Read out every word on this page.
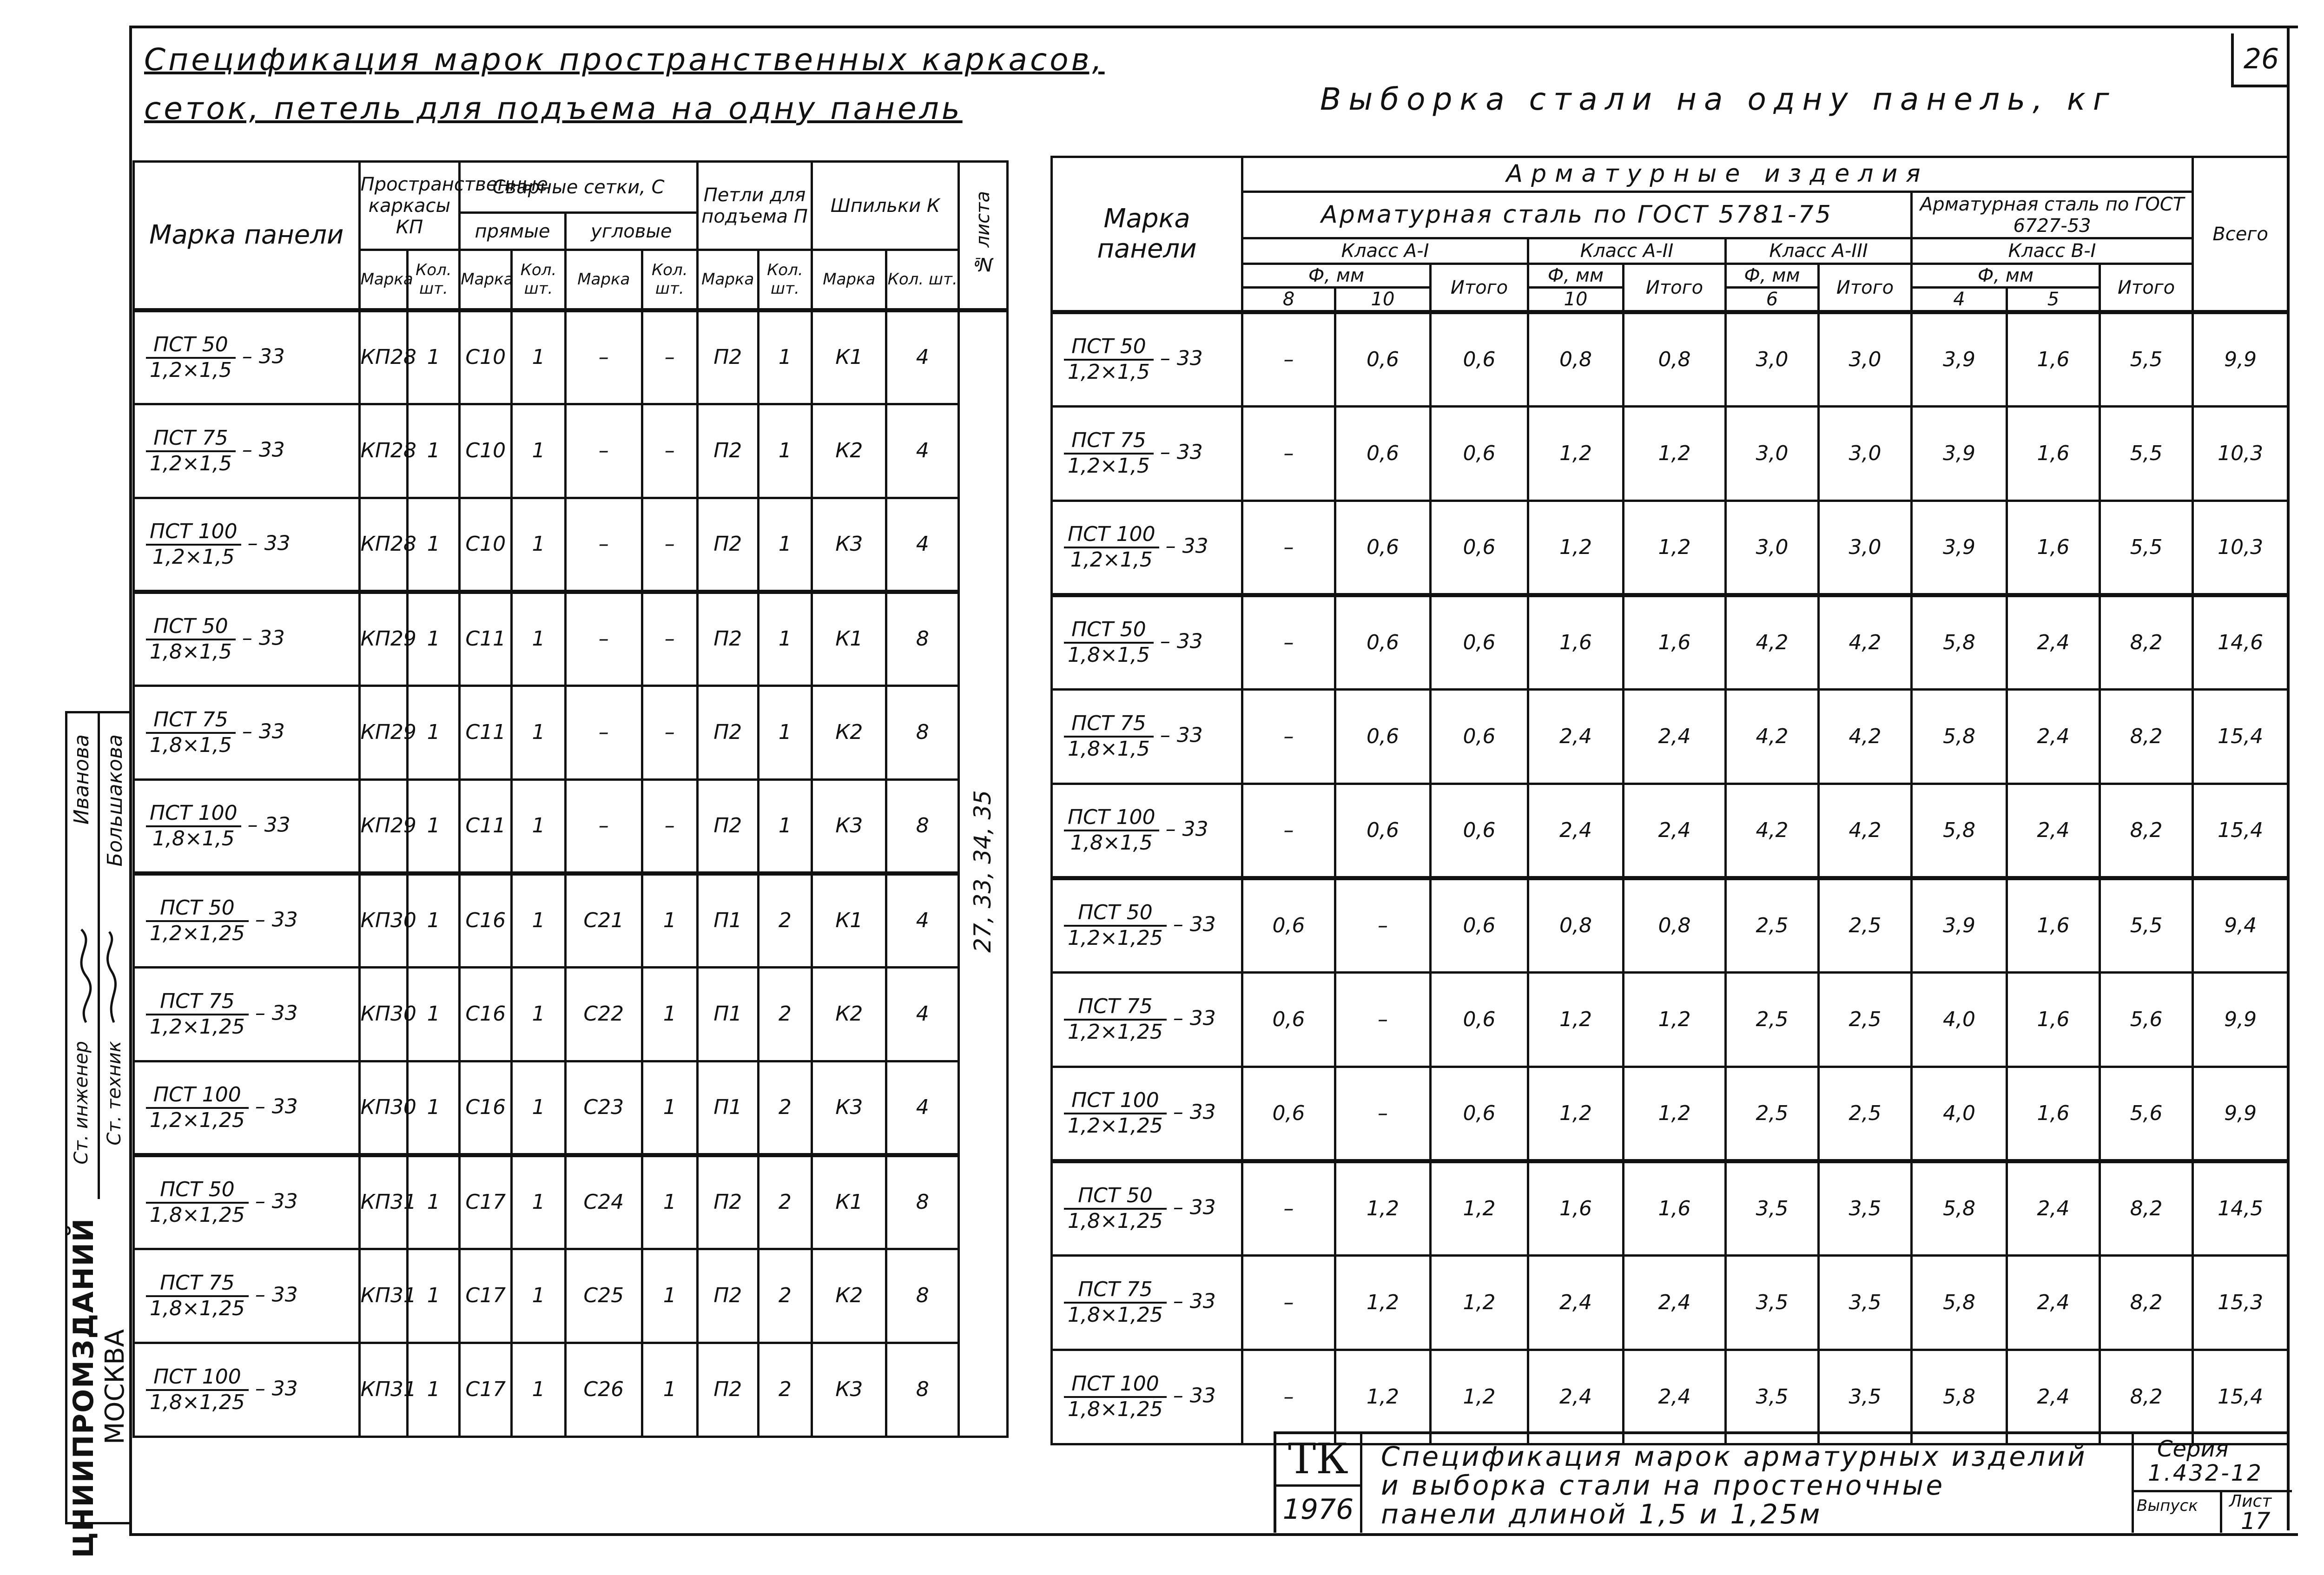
26
Спецификация марок пространственных каркасов,
сеток, петель для подъема на одну панель	Выборка стали на одну панель, кг
Марка панели	Пространственные каркасы КП		Сварные сетки, С				Петли для подъема П		Шпильки К		№ листа
			прямые		угловые						
	Марка	Кол. шт.	Марка	Кол. шт.	Марка	Кол. шт.	Марка	Кол. шт.	Марка	Кол. шт.	

$\frac{\text{ПСТ 50}}{1,2\times 1,5} - 33$	КП28	1	С10	1	–	–	П2	1	К1	4	27, 33, 34, 35

$\frac{\text{ПСТ 75}}{1,2\times 1,5} - 33$	КП28	1	С10	1	–	–	П2	1	К2	4	

$\frac{\text{ПСТ 100}}{1,2\times 1,5} - 33$	КП28	1	С10	1	–	–	П2	1	К3	4	

$\frac{\text{ПСТ 50}}{1,8\times 1,5} - 33$	КП29	1	С11	1	–	–	П2	1	К1	8	

$\frac{\text{ПСТ 75}}{1,8\times 1,5} - 33$	КП29	1	С11	1	–	–	П2	1	К2	8	

$\frac{\text{ПСТ 100}}{1,8\times 1,5} - 33$	КП29	1	С11	1	–	–	П2	1	К3	8	

$\frac{\text{ПСТ 50}}{1,2\times 1,25} - 33$	КП30	1	С16	1	С21	1	П1	2	К1	4	

$\frac{\text{ПСТ 75}}{1,2\times 1,25} - 33$	КП30	1	С16	1	С22	1	П1	2	К2	4	

$\frac{\text{ПСТ 100}}{1,2\times 1,25} - 33$	КП30	1	С16	1	С23	1	П1	2	К3	4	

$\frac{\text{ПСТ 50}}{1,8\times 1,25} - 33$	КП31	1	С17	1	С24	1	П2	2	К1	8	

$\frac{\text{ПСТ 75}}{1,8\times 1,25} - 33$	КП31	1	С17	1	С25	1	П2	2	К2	8	

$\frac{\text{ПСТ 100}}{1,8\times 1,25} - 33$	КП31	1	С17	1	С26	1	П2	2	К3	8	
Марка панели	Арматурные изделия										Всего
	Арматурная сталь по ГОСТ 5781-75							Арматурная сталь по ГОСТ 6727-53			
	Класс А-I			Класс А-II		Класс А-III		Класс В-I			
	Ф, мм		Итого	Ф, мм	Итого	Ф, мм	Итого	Ф, мм		Итого	
	8	10		10		6		4	5		

$\frac{\text{ПСТ 50}}{1,2\times 1,5} - 33$	–	0,6	0,6	0,8	0,8	3,0	3,0	3,9	1,6	5,5	9,9

$\frac{\text{ПСТ 75}}{1,2\times 1,5} - 33$	–	0,6	0,6	1,2	1,2	3,0	3,0	3,9	1,6	5,5	10,3

$\frac{\text{ПСТ 100}}{1,2\times 1,5} - 33$	–	0,6	0,6	1,2	1,2	3,0	3,0	3,9	1,6	5,5	10,3

$\frac{\text{ПСТ 50}}{1,8\times 1,5} - 33$	–	0,6	0,6	1,6	1,6	4,2	4,2	5,8	2,4	8,2	14,6

$\frac{\text{ПСТ 75}}{1,8\times 1,5} - 33$	–	0,6	0,6	2,4	2,4	4,2	4,2	5,8	2,4	8,2	15,4

$\frac{\text{ПСТ 100}}{1,8\times 1,5} - 33$	–	0,6	0,6	2,4	2,4	4,2	4,2	5,8	2,4	8,2	15,4

$\frac{\text{ПСТ 50}}{1,2\times 1,25} - 33$	0,6	–	0,6	0,8	0,8	2,5	2,5	3,9	1,6	5,5	9,4

$\frac{\text{ПСТ 75}}{1,2\times 1,25} - 33$	0,6	–	0,6	1,2	1,2	2,5	2,5	4,0	1,6	5,6	9,9

$\frac{\text{ПСТ 100}}{1,2\times 1,25} - 33$	0,6	–	0,6	1,2	1,2	2,5	2,5	4,0	1,6	5,6	9,9

$\frac{\text{ПСТ 50}}{1,8\times 1,25} - 33$	–	1,2	1,2	1,6	1,6	3,5	3,5	5,8	2,4	8,2	14,5

$\frac{\text{ПСТ 75}}{1,8\times 1,25} - 33$	–	1,2	1,2	2,4	2,4	3,5	3,5	5,8	2,4	8,2	15,3

$\frac{\text{ПСТ 100}}{1,8\times 1,25} - 33$	–	1,2	1,2	2,4	2,4	3,5	3,5	5,8	2,4	8,2	15,4
Ст. инженер Ст. техник
Иванова Большакова
ЦНИИПРОМЗДАНИЙ МОСКВА
ТК
1976
Спецификация марок арматурных изделий
и выборка стали на простеночные
панели длиной 1,5 и 1,25м
Серия
1.432-12
Выпуск Лист
17
